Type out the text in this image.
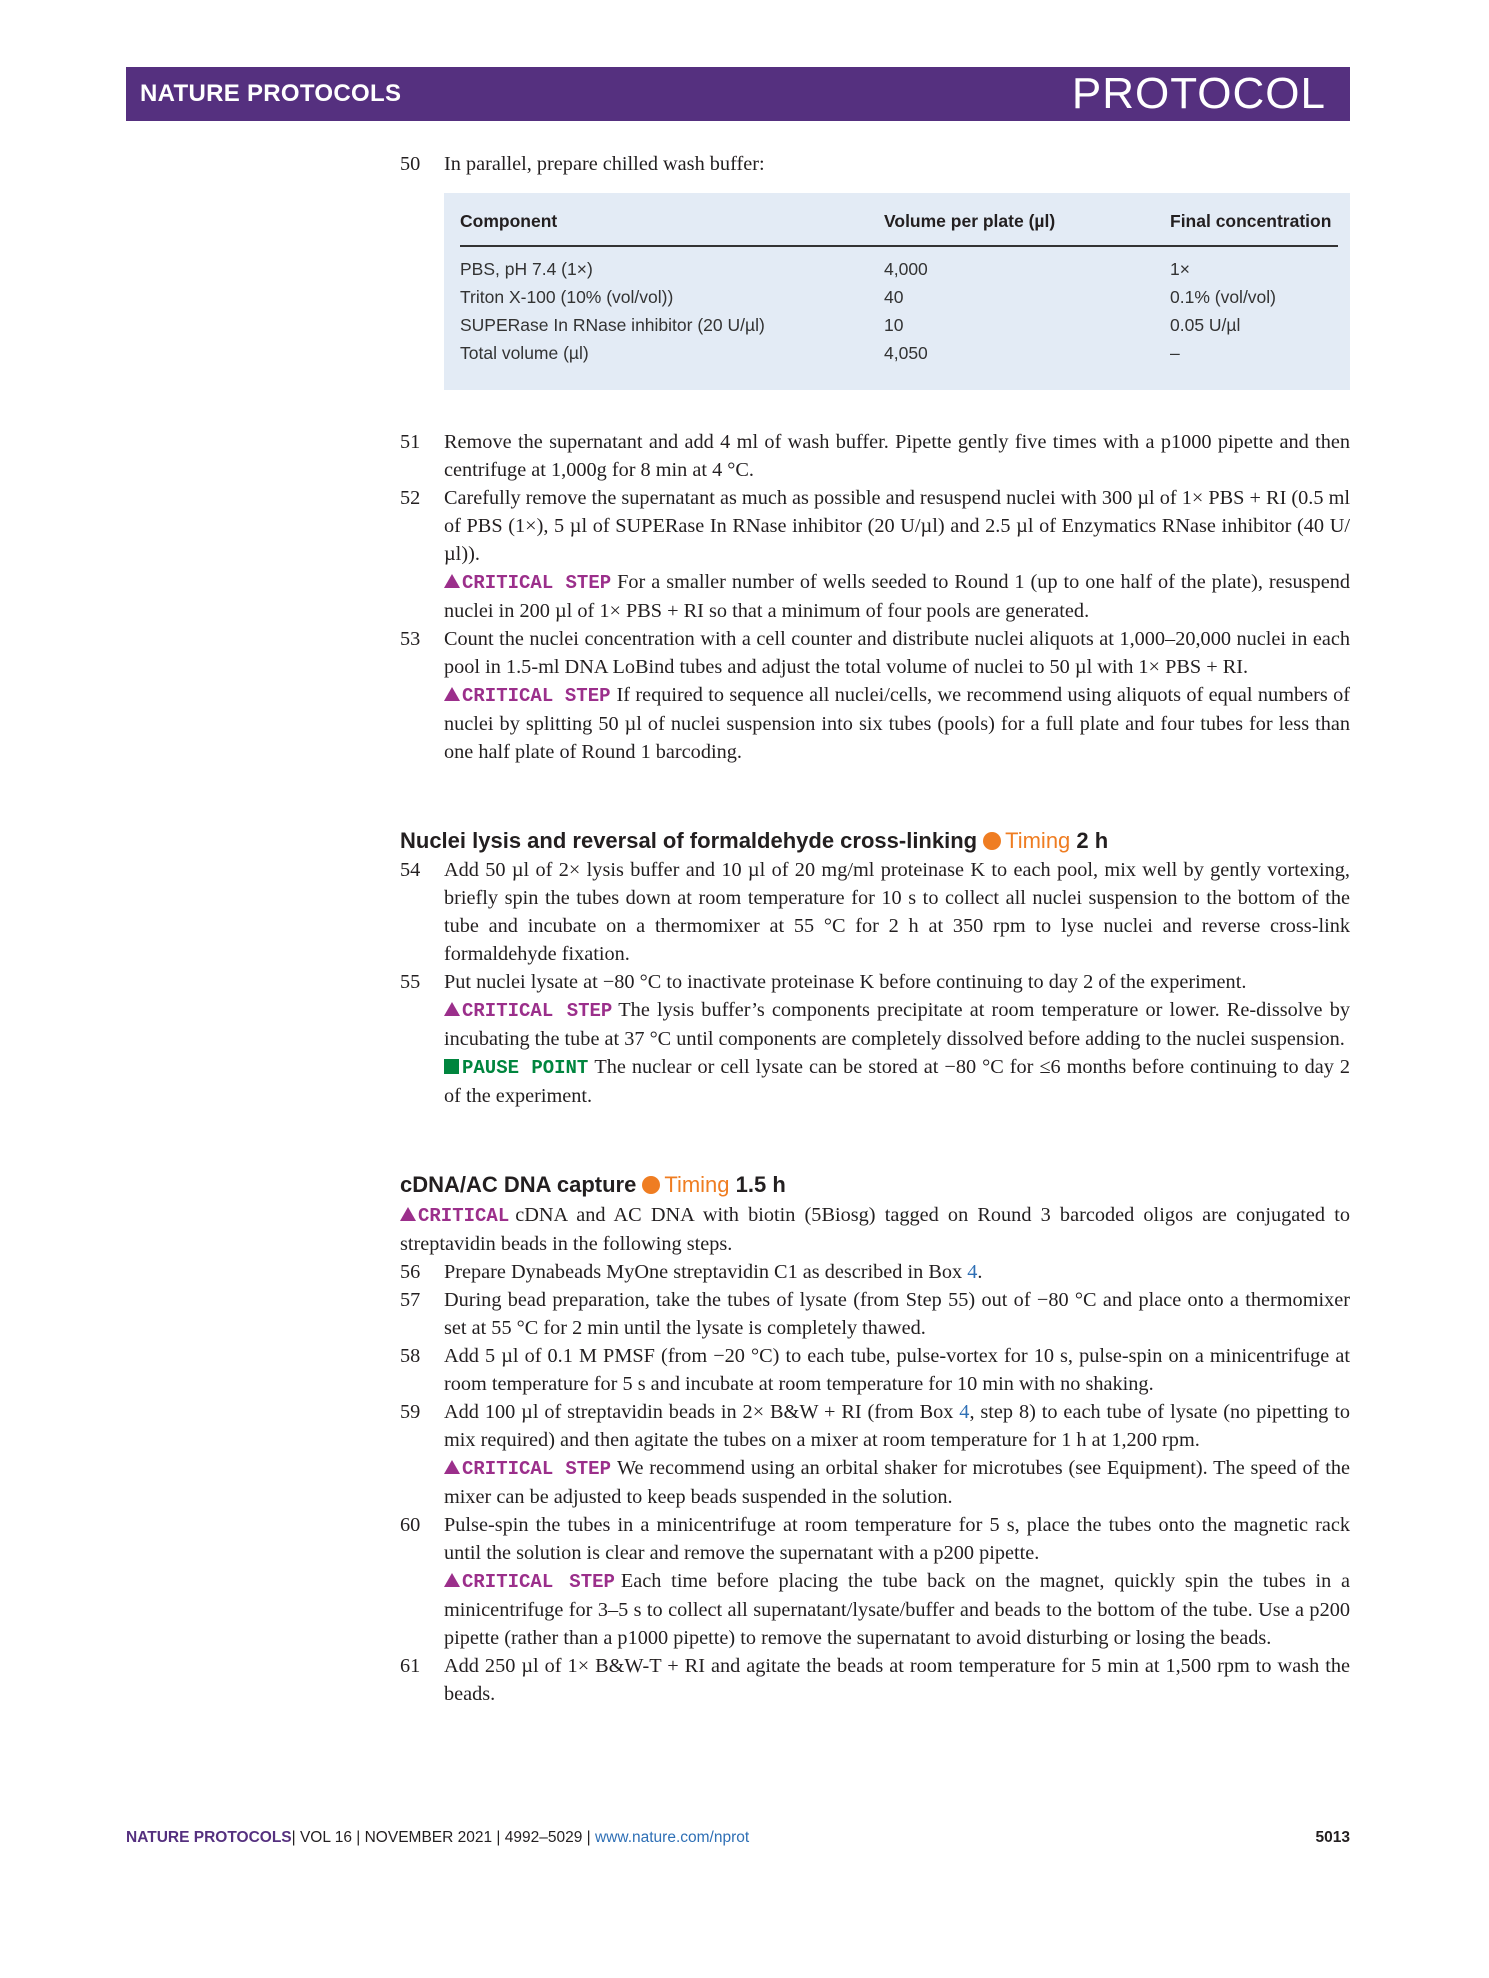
NATURE PROTOCOLS	PROTOCOL
50	In parallel, prepare chilled wash buffer:

Component	Volume per plate (µl)	Final concentration
PBS, pH 7.4 (1×)	4,000	1×
Triton X-100 (10% (vol/vol))	40	0.1% (vol/vol)
SUPERase In RNase inhibitor (20 U/µl)	10	0.05 U/µl
Total volume (µl)	4,050	–
51	Remove the supernatant and add 4 ml of wash buffer. Pipette gently five times with a p1000 pipette and then centrifuge at 1,000g for 8 min at 4 °C.

52	Carefully remove the supernatant as much as possible and resuspend nuclei with 300 µl of 1× PBS + RI (0.5 ml of PBS (1×), 5 µl of SUPERase In RNase inhibitor (20 U/µl) and 2.5 µl of Enzymatics RNase inhibitor (40 U/µl)).

CRITICAL STEP For a smaller number of wells seeded to Round 1 (up to one half of the plate), resuspend nuclei in 200 µl of 1× PBS + RI so that a minimum of four pools are generated.

53	Count the nuclei concentration with a cell counter and distribute nuclei aliquots at 1,000–20,000 nuclei in each pool in 1.5-ml DNA LoBind tubes and adjust the total volume of nuclei to 50 µl with 1× PBS + RI.

CRITICAL STEP If required to sequence all nuclei/cells, we recommend using aliquots of equal numbers of nuclei by splitting 50 µl of nuclei suspension into six tubes (pools) for a full plate and four tubes for less than one half plate of Round 1 barcoding.

Nuclei lysis and reversal of formaldehyde cross-linking Timing 2 h
54	Add 50 µl of 2× lysis buffer and 10 µl of 20 mg/ml proteinase K to each pool, mix well by gently vortexing, briefly spin the tubes down at room temperature for 10 s to collect all nuclei suspension to the bottom of the tube and incubate on a thermomixer at 55 °C for 2 h at 350 rpm to lyse nuclei and reverse cross-link formaldehyde fixation.

55	Put nuclei lysate at −80 °C to inactivate proteinase K before continuing to day 2 of the experiment.

CRITICAL STEP The lysis buffer’s components precipitate at room temperature or lower. Re-dissolve by incubating the tube at 37 °C until components are completely dissolved before adding to the nuclei suspension.

PAUSE POINT The nuclear or cell lysate can be stored at −80 °C for ≤6 months before continuing to day 2 of the experiment.

cDNA/AC DNA capture Timing 1.5 h

CRITICAL cDNA and AC DNA with biotin (5Biosg) tagged on Round 3 barcoded oligos are conjugated to streptavidin beads in the following steps.

56	Prepare Dynabeads MyOne streptavidin C1 as described in Box 4.

57	During bead preparation, take the tubes of lysate (from Step 55) out of −80 °C and place onto a thermomixer set at 55 °C for 2 min until the lysate is completely thawed.

58	Add 5 µl of 0.1 M PMSF (from −20 °C) to each tube, pulse-vortex for 10 s, pulse-spin on a minicentrifuge at room temperature for 5 s and incubate at room temperature for 10 min with no shaking.

59	Add 100 µl of streptavidin beads in 2× B&W + RI (from Box 4, step 8) to each tube of lysate (no pipetting to mix required) and then agitate the tubes on a mixer at room temperature for 1 h at 1,200 rpm.

CRITICAL STEP We recommend using an orbital shaker for microtubes (see Equipment). The speed of the mixer can be adjusted to keep beads suspended in the solution.

60	Pulse-spin the tubes in a minicentrifuge at room temperature for 5 s, place the tubes onto the magnetic rack until the solution is clear and remove the supernatant with a p200 pipette.

CRITICAL STEP Each time before placing the tube back on the magnet, quickly spin the tubes in a minicentrifuge for 3–5 s to collect all supernatant/lysate/buffer and beads to the bottom of the tube. Use a p200 pipette (rather than a p1000 pipette) to remove the supernatant to avoid disturbing or losing the beads.

61	Add 250 µl of 1× B&W-T + RI and agitate the beads at room temperature for 5 min at 1,500 rpm to wash the beads.

NATURE PROTOCOLS| VOL 16 | NOVEMBER 2021 | 4992–5029 | www.nature.com/nprot	5013
